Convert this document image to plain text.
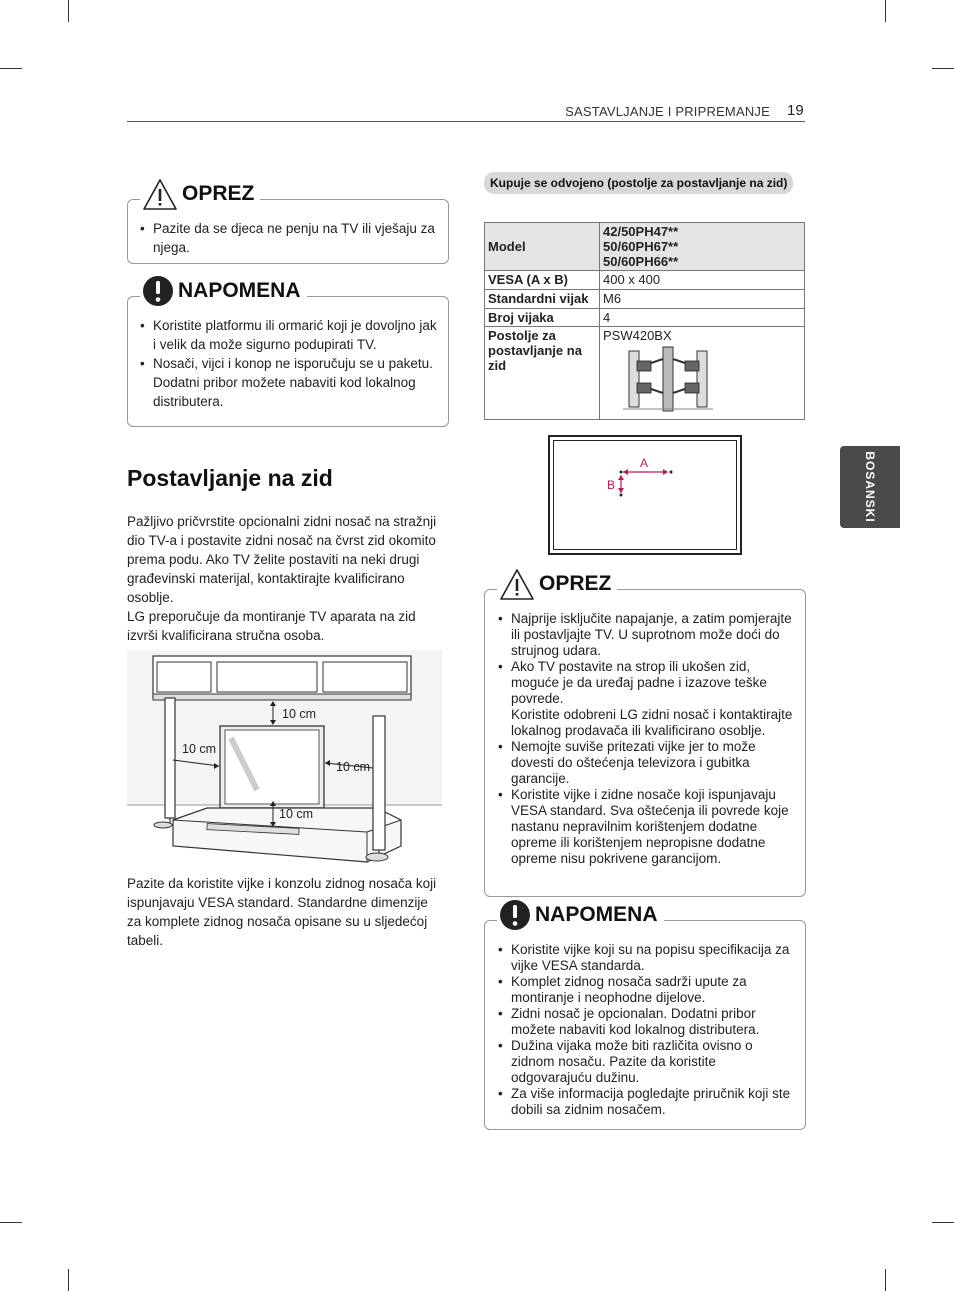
SASTAVLJANJE I PRIPREMANJE 19
BOSANSKI
• Pazite da se djeca ne penju na TV ili vješaju za njega.
OPREZ
• Koristite platformu ili ormarić koji je dovoljno jak i velik da može sigurno podupirati TV.
• Nosači, vijci i konop ne isporučuju se u paketu. Dodatni pribor možete nabaviti kod lokalnog distributera.
NAPOMENA
Postavljanje na zid
Pažljivo pričvrstite opcionalni zidni nosač na stražnji dio TV-a i postavite zidni nosač na čvrst zid okomito prema podu. Ako TV želite postaviti na neki drugi građevinski materijal, kontaktirajte kvalificirano osoblje.
LG preporučuje da montiranje TV aparata na zid izvrši kvalificirana stručna osoba.
10 cm
10 cm
10 cm
10 cm
Pazite da koristite vijke i konzolu zidnog nosača koji ispunjavaju VESA standard. Standardne dimenzije za komplete zidnog nosača opisane su u sljedećoj tabeli.
Kupuje se odvojeno (postolje za postavljanje na zid)
Model	42/50PH47**
50/60PH67**
50/60PH66**

VESA (A x B)	400 x 400
Standardni vijak	M6
Broj vijaka	4
Postolje za postavljanje na zid	PSW420BX
A
B
• Najprije isključite napajanje, a zatim pomjerajte ili postavljajte TV. U suprotnom može doći do strujnog udara.
• Ako TV postavite na strop ili ukošen zid, moguće je da uređaj padne i izazove teške povrede.
Koristite odobreni LG zidni nosač i kontaktirajte lokalnog prodavača ili kvalificirano osoblje.
• Nemojte suviše pritezati vijke jer to može dovesti do oštećenja televizora i gubitka garancije.
• Koristite vijke i zidne nosače koji ispunjavaju VESA standard. Sva oštećenja ili povrede koje nastanu nepravilnim korištenjem dodatne opreme ili korištenjem nepropisne dodatne opreme nisu pokrivene garancijom.
OPREZ
• Koristite vijke koji su na popisu specifikacija za vijke VESA standarda.
• Komplet zidnog nosača sadrži upute za montiranje i neophodne dijelove.
• Zidni nosač je opcionalan. Dodatni pribor možete nabaviti kod lokalnog distributera.
• Dužina vijaka može biti različita ovisno o zidnom nosaču. Pazite da koristite odgovarajuću dužinu.
• Za više informacija pogledajte priručnik koji ste dobili sa zidnim nosačem.
NAPOMENA
